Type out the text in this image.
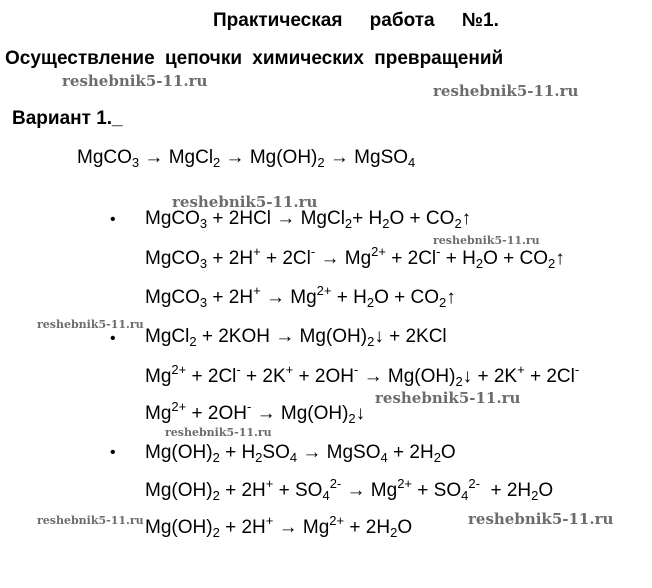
Практическая работа №1.
Осуществление цепочки химических превращений
Вариант 1._
MgCO$_3$ → MgCl$_2$ → $Mg(OH)_2$ → MgSO$_4$
•
•
•
MgCO$_3$ + 2HCl → MgCl$_2$+ $H_2O$ + $CO_2↑$
MgCO$_3$ + $2H^+ + 2Cl^- \to Mg^{2+} + 2Cl^- + H_2O$ + $CO_2↑$
MgCO$_3$ + $2H^+ \to Mg^{2+} + H_2O$ + $CO_2↑$
MgCl$_2$ + $2KOH \to Mg(OH)_2↓ + 2KCl$
$Mg^{2+} + 2Cl^- + 2K^+ + 2OH^-$ → $Mg(OH)_2↓ + 2K^+ + 2Cl^-$
$Mg^{2+} + 2OH^-$ → $Mg(OH)_2↓$
$Mg(OH)_2 + H_2SO_4$ → MgSO$_4$ + $2H_2O$
$Mg(OH)_2 + 2H^+ + SO_4^{2-} \to Mg^{2+} + SO_4^{2-} + 2H_2O$
$Mg(OH)_2 + 2H^+ \to Mg^{2+} + 2H_2O$
reshebnik5-11.ru
reshebnik5-11.ru
reshebnik5-11.ru
reshebnik5-11.ru
reshebnik5-11.ru
reshebnik5-11.ru
reshebnik5-11.ru
reshebnik5-11.ru	reshebnik5-11.ru
